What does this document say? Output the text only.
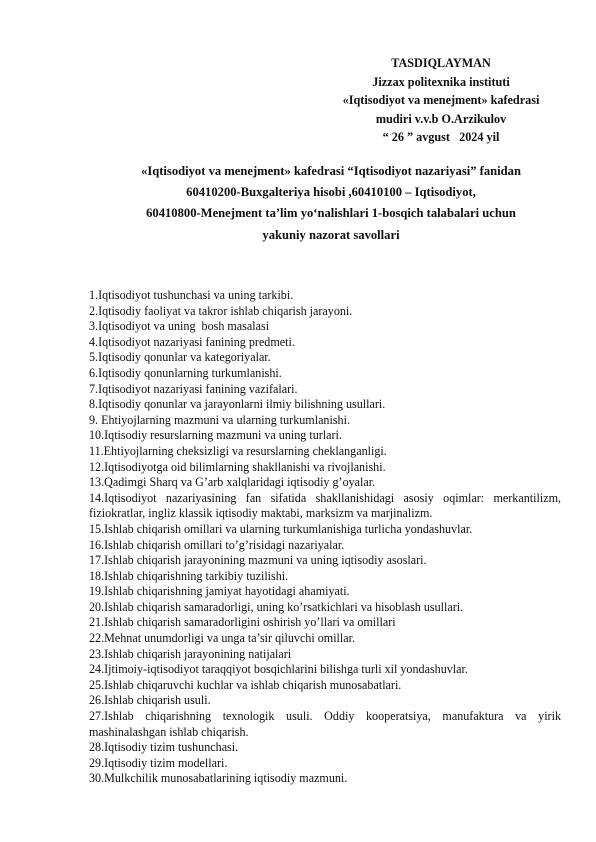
TASDIQLAYMAN
Jizzax politexnika instituti
«Iqtisodiyot va menejment» kafedrasi
mudiri v.v.b O.Arzikulov
“ 26 ” avgust   2024 yil
«Iqtisodiyot va menejment» kafedrasi “Iqtisodiyot nazariyasi” fanidan
60410200-Buxgalteriya hisobi ,60410100 – Iqtisodiyot,
60410800-Menejment ta’lim yo‘nalishlari 1-bosqich talabalari uchun
yakuniy nazorat savollari
1.Iqtisodiyot tushunchasi va uning tarkibi.
2.Iqtisodiy faoliyat va takror ishlab chiqarish jarayoni.
3.Iqtisodiyot va uning  bosh masalasi
4.Iqtisodiyot nazariyasi fanining predmeti.
5.Iqtisodiy qonunlar va kategoriyalar.
6.Iqtisodiy qonunlarning turkumlanishi.
7.Iqtisodiyot nazariyasi fanining vazifalari.
8.Iqtisodiy qonunlar va jarayonlarni ilmiy bilishning usullari.
9. Ehtiyojlarning mazmuni va ularning turkumlanishi.
10.Iqtisodiy resurslarning mazmuni va uning turlari.
11.Ehtiyojlarning cheksizligi va resurslarning cheklanganligi.
12.Iqtisodiyotga oid bilimlarning shakllanishi va rivojlanishi.
13.Qadimgi Sharq va G’arb xalqlaridagi iqtisodiy g’oyalar.
14.Iqtisodiyot nazariyasining fan sifatida shakllanishidagi asosiy oqimlar: merkantilizm, fiziokratlar, ingliz klassik iqtisodiy maktabi, marksizm va marjinalizm.
15.Ishlab chiqarish omillari va ularning turkumlanishiga turlicha yondashuvlar.
16.Ishlab chiqarish omillari to’g’risidagi nazariyalar.
17.Ishlab chiqarish jarayonining mazmuni va uning iqtisodiy asoslari.
18.Ishlab chiqarishning tarkibiy tuzilishi.
19.Ishlab chiqarishning jamiyat hayotidagi ahamiyati.
20.Ishlab chiqarish samaradorligi, uning ko’rsatkichlari va hisoblash usullari.
21.Ishlab chiqarish samaradorligini oshirish yo’llari va omillari
22.Mehnat unumdorligi va unga ta’sir qiluvchi omillar.
23.Ishlab chiqarish jarayonining natijalari
24.Ijtimoiy-iqtisodiyot taraqqiyot bosqichlarini bilishga turli xil yondashuvlar.
25.Ishlab chiqaruvchi kuchlar va ishlab chiqarish munosabatlari.
26.Ishlab chiqarish usuli.
27.Ishlab chiqarishning texnologik usuli. Oddiy kooperatsiya, manufaktura va yirik mashinalashgan ishlab chiqarish.
28.Iqtisodiy tizim tushunchasi.
29.Iqtisodiy tizim modellari.
30.Mulkchilik munosabatlarining iqtisodiy mazmuni.
